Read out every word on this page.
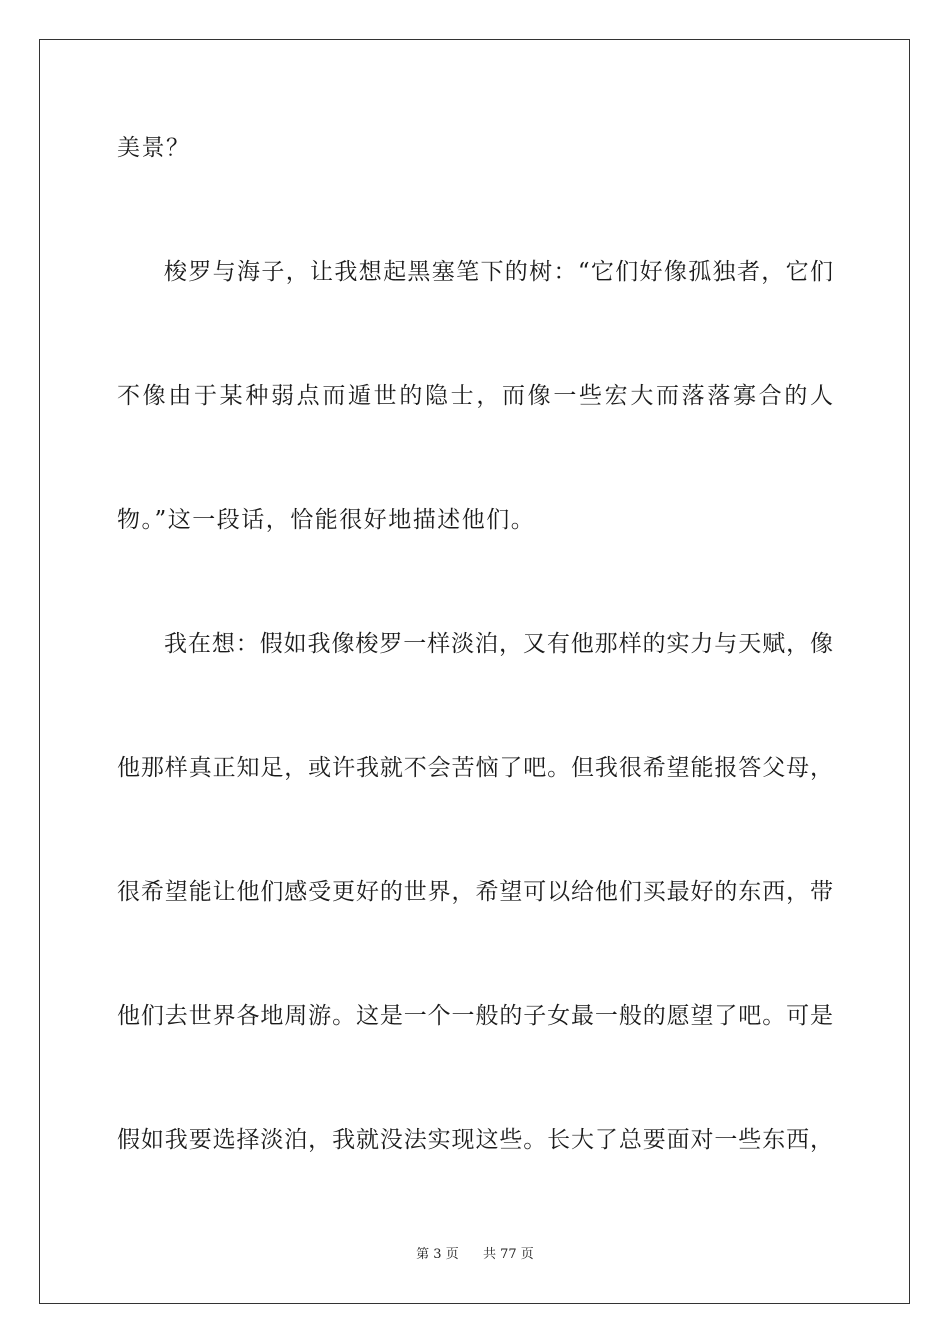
美景？
梭罗与海子，让我想起黑塞笔下的树：“它们好像孤独者，它们
不像由于某种弱点而遁世的隐士，而像一些宏大而落落寡合的人
物。”这一段话，恰能很好地描述他们。
我在想：假如我像梭罗一样淡泊，又有他那样的实力与天赋，像
他那样真正知足，或许我就不会苦恼了吧。但我很希望能报答父母，
很希望能让他们感受更好的世界，希望可以给他们买最好的东西，带
他们去世界各地周游。这是一个一般的子女最一般的愿望了吧。可是
假如我要选择淡泊，我就没法实现这些。长大了总要面对一些东西，
第 3 页 共 77 页
